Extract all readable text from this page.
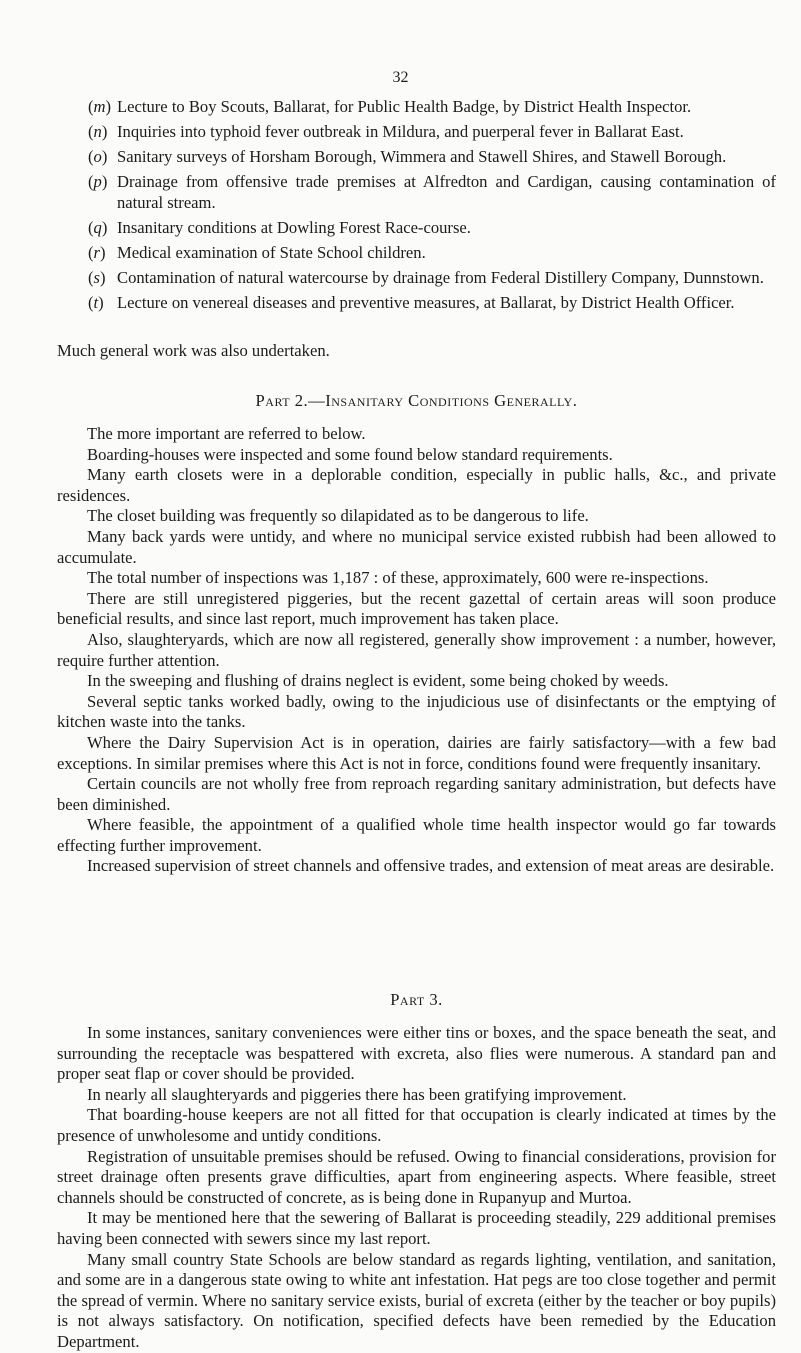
32
(m) Lecture to Boy Scouts, Ballarat, for Public Health Badge, by District Health Inspector.
(n) Inquiries into typhoid fever outbreak in Mildura, and puerperal fever in Ballarat East.
(o) Sanitary surveys of Horsham Borough, Wimmera and Stawell Shires, and Stawell Borough.
(p) Drainage from offensive trade premises at Alfredton and Cardigan, causing contamination of natural stream.
(q) Insanitary conditions at Dowling Forest Race-course.
(r) Medical examination of State School children.
(s) Contamination of natural watercourse by drainage from Federal Distillery Company, Dunnstown.
(t) Lecture on venereal diseases and preventive measures, at Ballarat, by District Health Officer.

Much general work was also undertaken.

Part 2.—Insanitary Conditions Generally.

The more important are referred to below.

Boarding-houses were inspected and some found below standard requirements.

Many earth closets were in a deplorable condition, especially in public halls, &c., and private residences.

The closet building was frequently so dilapidated as to be dangerous to life.

Many back yards were untidy, and where no municipal service existed rubbish had been allowed to accumulate.

The total number of inspections was 1,187 : of these, approximately, 600 were re-inspections.

There are still unregistered piggeries, but the recent gazettal of certain areas will soon produce beneficial results, and since last report, much improvement has taken place.

Also, slaughteryards, which are now all registered, generally show improvement : a number, however, require further attention.

In the sweeping and flushing of drains neglect is evident, some being choked by weeds.

Several septic tanks worked badly, owing to the injudicious use of disinfectants or the emptying of kitchen waste into the tanks.

Where the Dairy Supervision Act is in operation, dairies are fairly satisfactory—with a few bad exceptions. In similar premises where this Act is not in force, conditions found were frequently insanitary.

Certain councils are not wholly free from reproach regarding sanitary administration, but defects have been diminished.

Where feasible, the appointment of a qualified whole time health inspector would go far towards effecting further improvement.

Increased supervision of street channels and offensive trades, and extension of meat areas are desirable.

Part 3.

In some instances, sanitary conveniences were either tins or boxes, and the space beneath the seat, and surrounding the receptacle was bespattered with excreta, also flies were numerous. A standard pan and proper seat flap or cover should be provided.

In nearly all slaughteryards and piggeries there has been gratifying improvement.

That boarding-house keepers are not all fitted for that occupation is clearly indicated at times by the presence of unwholesome and untidy conditions.

Registration of unsuitable premises should be refused. Owing to financial considerations, provision for street drainage often presents grave difficulties, apart from engineering aspects. Where feasible, street channels should be constructed of concrete, as is being done in Rupanyup and Murtoa.

It may be mentioned here that the sewering of Ballarat is proceeding steadily, 229 additional premises having been connected with sewers since my last report.

Many small country State Schools are below standard as regards lighting, ventilation, and sanitation, and some are in a dangerous state owing to white ant infestation. Hat pegs are too close together and permit the spread of vermin. Where no sanitary service exists, burial of excreta (either by the teacher or boy pupils) is not always satisfactory. On notification, specified defects have been remedied by the Education Department.
